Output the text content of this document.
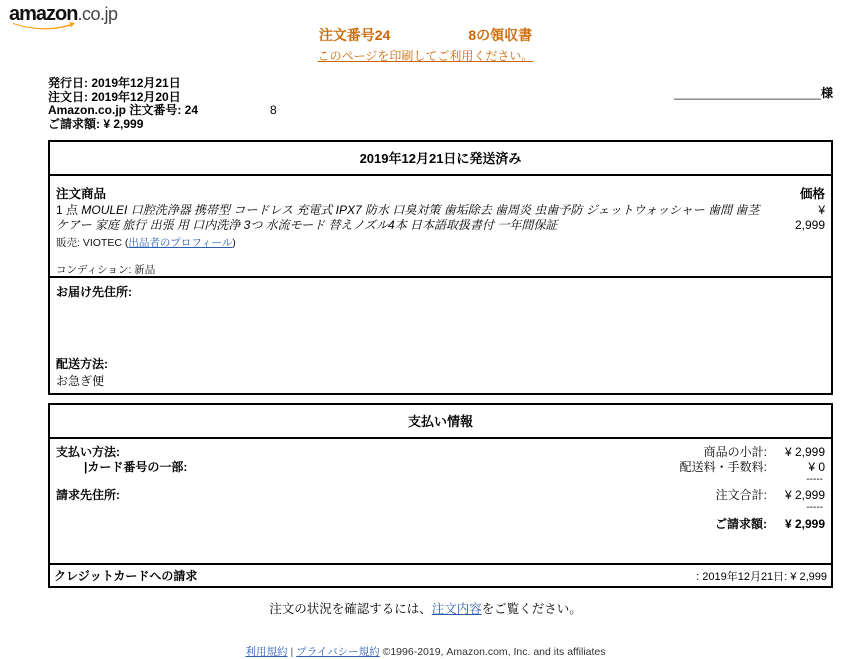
amazon.co.jp
注文番号24	8の領収書
このページを印刷してご利用ください。
発行日: 2019年12月21日
注文日: 2019年12月20日
Amazon.co.jp 注文番号: 24	8
ご請求額: ¥ 2,999
______________________様
2019年12月21日に発送済み
注文商品	価格
1 点 MOULEI 口腔洗浄器 携帯型 コードレス 充電式 IPX7 防水 口臭対策 歯垢除去 歯周炎 虫歯予防 ジェットウォッシャー 歯間 歯茎ケアー 家庭 旅行 出張 用 口内洗浄 3つ 水流モード 替えノズル4本 日本語取扱書付 一年間保証
¥
2,999
販売: VIOTEC (出品者のプロフィール)
コンディション: 新品
お届け先住所:
配送方法:
お急ぎ便
支払い情報
支払い方法:
|カード番号の一部:
請求先住所:
商品の小計:	¥ 2,999
配送料・手数料:	¥ 0
-----
注文合計:	¥ 2,999
-----
ご請求額:	¥ 2,999
クレジットカードへの請求	: 2019年12月21日: ¥ 2,999
注文の状況を確認するには、注文内容をご覧ください。
利用規約 | プライバシー規約 ©1996-2019, Amazon.com, Inc. and its affiliates
